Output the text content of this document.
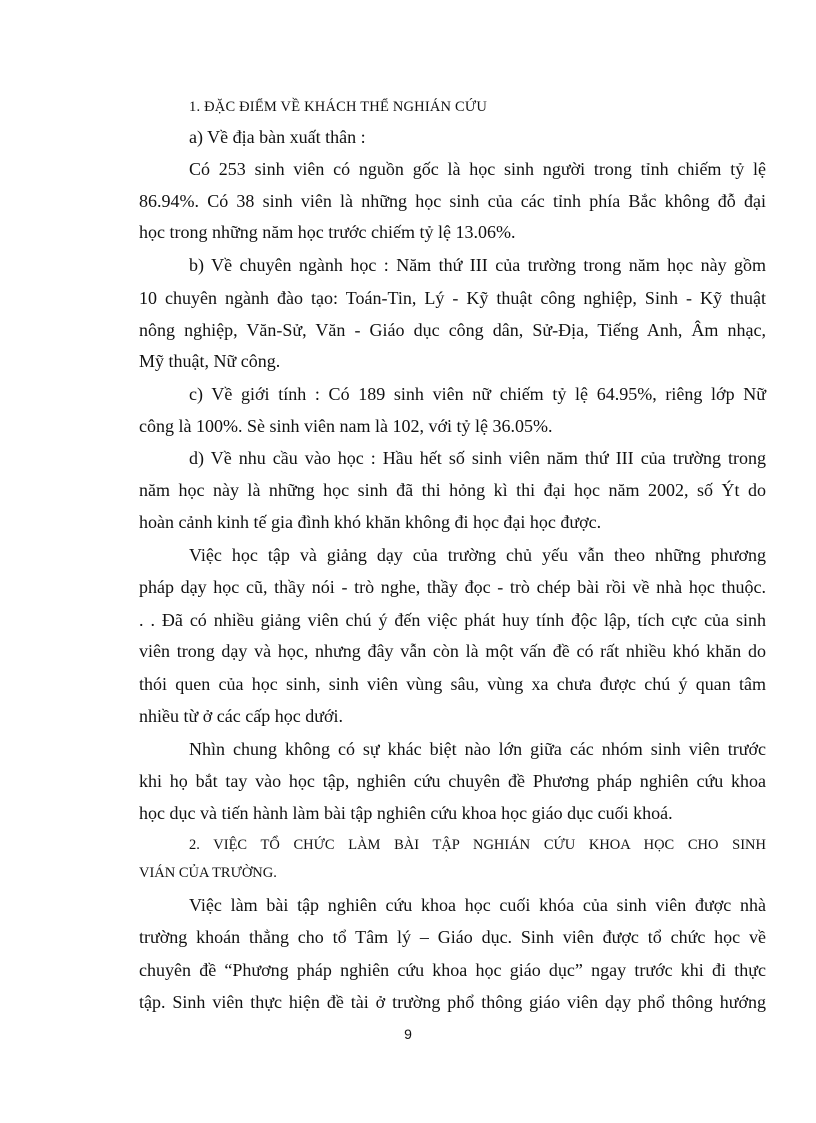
1. ĐẶC ĐIỂM VỀ KHÁCH THỂ NGHIÁN CỨU
a) Về địa bàn xuất thân :
Có 253 sinh viên có nguồn gốc là học sinh người trong tỉnh chiếm tỷ lệ
86.94%. Có 38 sinh viên là những học sinh của các tỉnh phía Bắc không đỗ đại
học trong những năm học trước chiếm tỷ lệ 13.06%.
b) Về chuyên ngành học : Năm thứ III của trường trong năm học này gồm
10 chuyên ngành đào tạo: Toán-Tin, Lý - Kỹ thuật công nghiệp, Sinh - Kỹ thuật
nông nghiệp, Văn-Sử, Văn - Giáo dục công dân, Sử-Địa, Tiếng Anh, Âm nhạc,
Mỹ thuật, Nữ công.
c) Về giới tính : Có 189 sinh viên nữ chiếm tỷ lệ 64.95%, riêng lớp Nữ
công là 100%. Sè sinh viên nam là 102, với tỷ lệ 36.05%.
d) Về nhu cầu vào học : Hầu hết số sinh viên năm thứ III của trường trong
năm học này là những học sinh đã thi hỏng kì thi đại học năm 2002, số Ýt do
hoàn cảnh kinh tế gia đình khó khăn không đi học đại học được.
Việc học tập và giảng dạy của trường chủ yếu vẫn theo những phương
pháp dạy học cũ, thầy nói - trò nghe, thầy đọc - trò chép bài rồi về nhà học thuộc.
. . Đã có nhiều giảng viên chú ý đến việc phát huy tính độc lập, tích cực của sinh
viên trong dạy và học, nhưng đây vẫn còn là một vấn đề có rất nhiều khó khăn do
thói quen của học sinh, sinh viên vùng sâu, vùng xa chưa được chú ý quan tâm
nhiều từ ở các cấp học dưới.
Nhìn chung không có sự khác biệt nào lớn giữa các nhóm sinh viên trước
khi họ bắt tay vào học tập, nghiên cứu chuyên đề Phương pháp nghiên cứu khoa
học dục và tiến hành làm bài tập nghiên cứu khoa học giáo dục cuối khoá.
2. VIỆC TỔ CHỨC LÀM BÀI TẬP NGHIÁN CỨU KHOA HỌC CHO SINH
VIÁN CỦA TRƯỜNG.
Việc làm bài tập nghiên cứu khoa học cuối khóa của sinh viên được nhà
trường khoán thẳng cho tổ Tâm lý – Giáo dục. Sinh viên được tổ chức học về
chuyên đề “Phương pháp nghiên cứu khoa học giáo dục” ngay trước khi đi thực
tập. Sinh viên thực hiện đề tài ở trường phổ thông giáo viên dạy phổ thông hướng
9
